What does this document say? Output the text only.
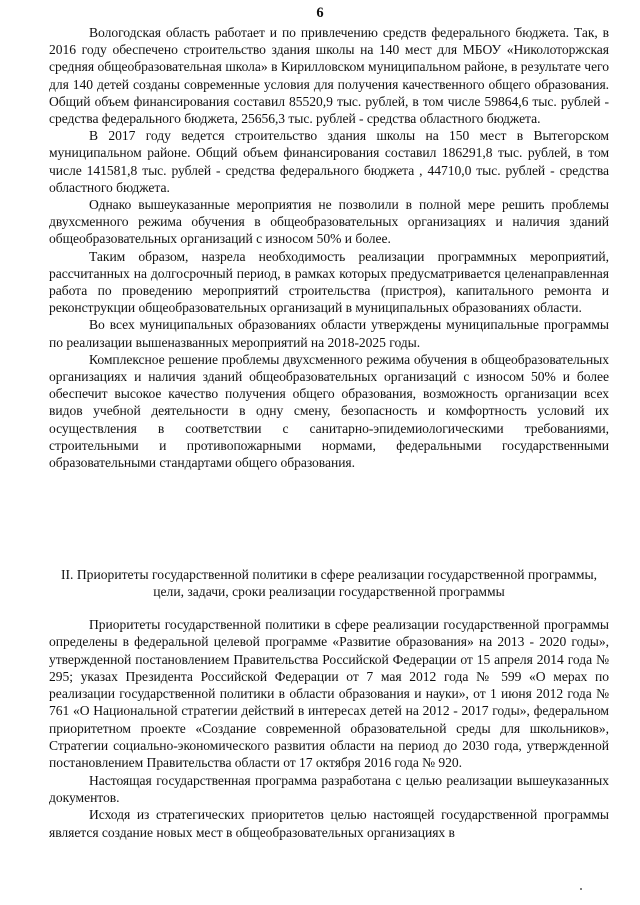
6

Вологодская область работает и по привлечению средств федерального бюджета. Так, в 2016 году обеспечено строительство здания школы на 140 мест для МБОУ «Николоторжская средняя общеобразовательная школа» в Кирилловском муниципальном районе, в результате чего для 140 детей созданы современные условия для получения качественного общего образования. Общий объем финансирования составил 85520,9 тыс. рублей, в том числе 59864,6 тыс. рублей - средства федерального бюджета, 25656,3 тыс. рублей - средства областного бюджета.

В 2017 году ведется строительство здания школы на 150 мест в Вытегорском муниципальном районе. Общий объем финансирования составил 186291,8 тыс. рублей, в том числе 141581,8 тыс. рублей - средства федерального бюджета , 44710,0 тыс. рублей - средства областного бюджета.

Однако вышеуказанные мероприятия не позволили в полной мере решить проблемы двухсменного режима обучения в общеобразовательных организациях и наличия зданий общеобразовательных организаций с износом 50% и более.

Таким образом, назрела необходимость реализации программных мероприятий, рассчитанных на долгосрочный период, в рамках которых предусматривается целенаправленная работа по проведению мероприятий строительства (пристроя), капитального ремонта и реконструкции общеобразовательных организаций в муниципальных образованиях области.

Во всех муниципальных образованиях области утверждены муниципальные программы по реализации вышеназванных мероприятий на 2018-2025 годы.

Комплексное решение проблемы двухсменного режима обучения в общеобразовательных организациях и наличия зданий общеобразовательных организаций с износом 50% и более обеспечит высокое качество получения общего образования, возможность организации всех видов учебной деятельности в одну смену, безопасность и комфортность условий их осуществления в соответствии с санитарно-эпидемиологическими требованиями, строительными и противопожарными нормами, федеральными государственными образовательными стандартами общего образования.

II. Приоритеты государственной политики в сфере реализации государственной программы, цели, задачи, сроки реализации государственной программы

Приоритеты государственной политики в сфере реализации государственной программы определены в федеральной целевой программе «Развитие образования» на 2013 - 2020 годы», утвержденной постановлением Правительства Российской Федерации от 15 апреля 2014 года № 295; указах Президента Российской Федерации от 7 мая 2012 года № 599 «О мерах по реализации государственной политики в области образования и науки», от 1 июня 2012 года № 761 «О Национальной стратегии действий в интересах детей на 2012 - 2017 годы», федеральном приоритетном проекте «Создание современной образовательной среды для школьников», Стратегии социально-экономического развития области на период до 2030 года, утвержденной постановлением Правительства области от 17 октября 2016 года № 920.

Настоящая государственная программа разработана с целью реализации вышеуказанных документов.

Исходя из стратегических приоритетов целью настоящей государственной программы является создание новых мест в общеобразовательных организациях в
